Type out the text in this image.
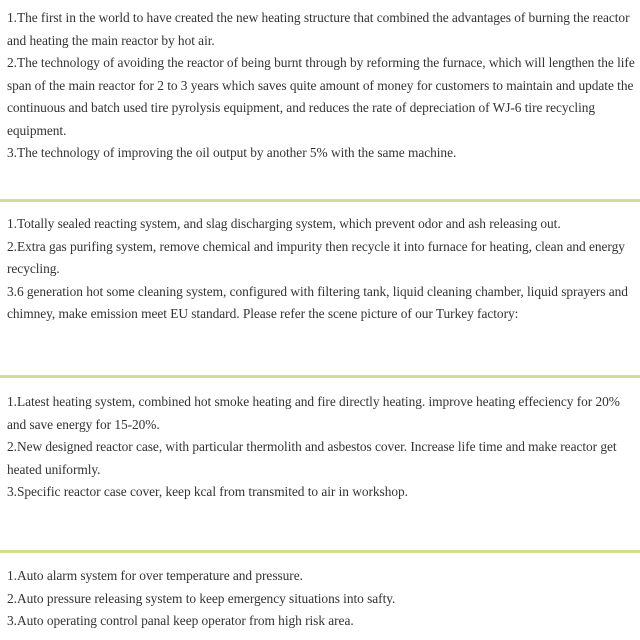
1.The first in the world to have created the new heating structure that combined the advantages of burning the reactor and heating the main reactor by hot air.

2.The technology of avoiding the reactor of being burnt through by reforming the furnace, which will lengthen the life span of the main reactor for 2 to 3 years which saves quite amount of money for customers to maintain and update the continuous and batch used tire pyrolysis equipment, and reduces the rate of depreciation of WJ-6 tire recycling equipment.

3.The technology of improving the oil output by another 5% with the same machine.

1.Totally sealed reacting system, and slag discharging system, which prevent odor and ash releasing out.

2.Extra gas purifing system, remove chemical and impurity then recycle it into furnace for heating, clean and energy recycling.

3.6 generation hot some cleaning system, configured with filtering tank, liquid cleaning chamber, liquid sprayers and chimney, make emission meet EU standard. Please refer the scene picture of our Turkey factory:

1.Latest heating system, combined hot smoke heating and fire directly heating. improve heating effeciency for 20% and save energy for 15-20%.

2.New designed reactor case, with particular thermolith and asbestos cover. Increase life time and make reactor get heated uniformly.

3.Specific reactor case cover, keep kcal from transmited to air in workshop.

1.Auto alarm system for over temperature and pressure.

2.Auto pressure releasing system to keep emergency situations into safty.

3.Auto operating control panal keep operator from high risk area.
